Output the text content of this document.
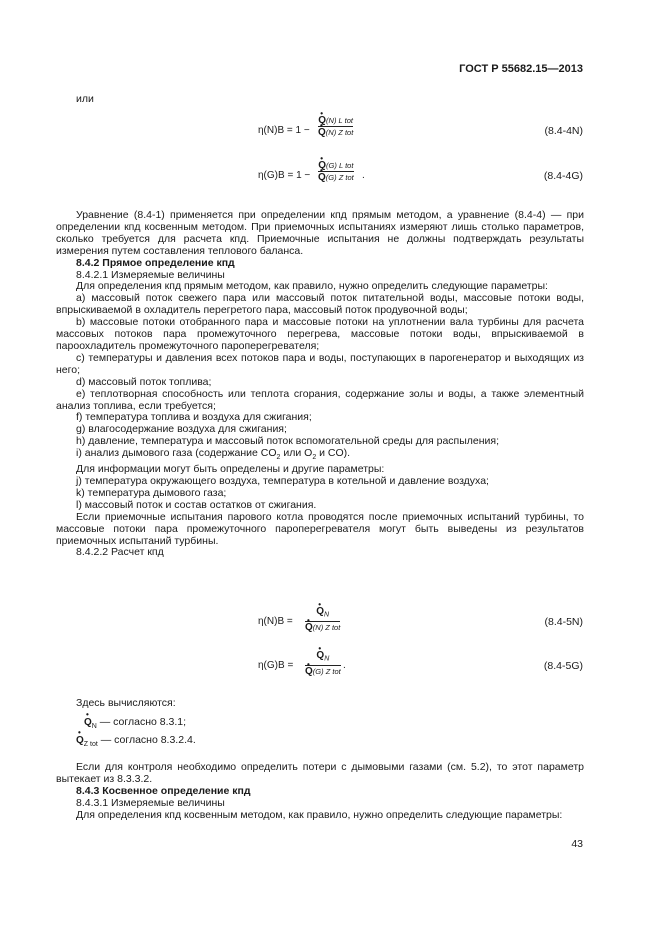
ГОСТ Р 55682.15—2013
или
η(N)B = 1 −
• Q(N) L tot
• Q(N) Z tot	(8.4-4N)
η(G)B = 1 −
• Q(G) L tot
• Q(G) Z tot .	(8.4-4G)

Уравнение (8.4-1) применяется при определении кпд прямым методом, а уравнение (8.4-4) — при определении кпд косвенным методом. При приемочных испытаниях измеряют лишь столько параметров, сколько требуется для расчета кпд. Приемочные испытания не должны подтверждать результаты измерения путем составления теплового баланса.

8.4.2 Прямое определение кпд

8.4.2.1 Измеряемые величины

Для определения кпд прямым методом, как правило, нужно определить следующие параметры:

а) массовый поток свежего пара или массовый поток питательной воды, массовые потоки воды, впрыскиваемой в охладитель перегретого пара, массовый поток продувочной воды;

b) массовые потоки отобранного пара и массовые потоки на уплотнении вала турбины для расчета массовых потоков пара промежуточного перегрева, массовые потоки воды, впрыскиваемой в пароохладитель промежуточного пароперегревателя;

с) температуры и давления всех потоков пара и воды, поступающих в парогенератор и выходящих из него;

d) массовый поток топлива;

е) теплотворная способность или теплота сгорания, содержание золы и воды, а также элементный анализ топлива, если требуется;

f) температура топлива и воздуха для сжигания;

g) влагосодержание воздуха для сжигания;

h) давление, температура и массовый поток вспомогательной среды для распыления;

i) анализ дымового газа (содержание $CO_2$ или $O_2$ и CO).

Для информации могут быть определены и другие параметры:

j) температура окружающего воздуха, температура в котельной и давление воздуха;

k) температура дымового газа;

l) массовый поток и состав остатков от сжигания.

Если приемочные испытания парового котла проводятся после приемочных испытаний турбины, то массовые потоки пара промежуточного пароперегревателя могут быть выведены из результатов приемочных испытаний турбины.

8.4.2.2 Расчет кпд

η(N)B =
• $Q_N$
• Q(N) Z tot	(8.4-5N)
η(G)B =
• $Q_N$
• Q(G) Z tot .	(8.4-5G)
Здесь вычисляются:
• $Q_N$ — согласно 8.3.1;
• $Q_{Z tot}$ — согласно 8.3.2.4.

Если для контроля необходимо определить потери с дымовыми газами (см. 5.2), то этот параметр вытекает из 8.3.3.2.

8.4.3 Косвенное определение кпд

8.4.3.1 Измеряемые величины

Для определения кпд косвенным методом, как правило, нужно определить следующие параметры:

43
